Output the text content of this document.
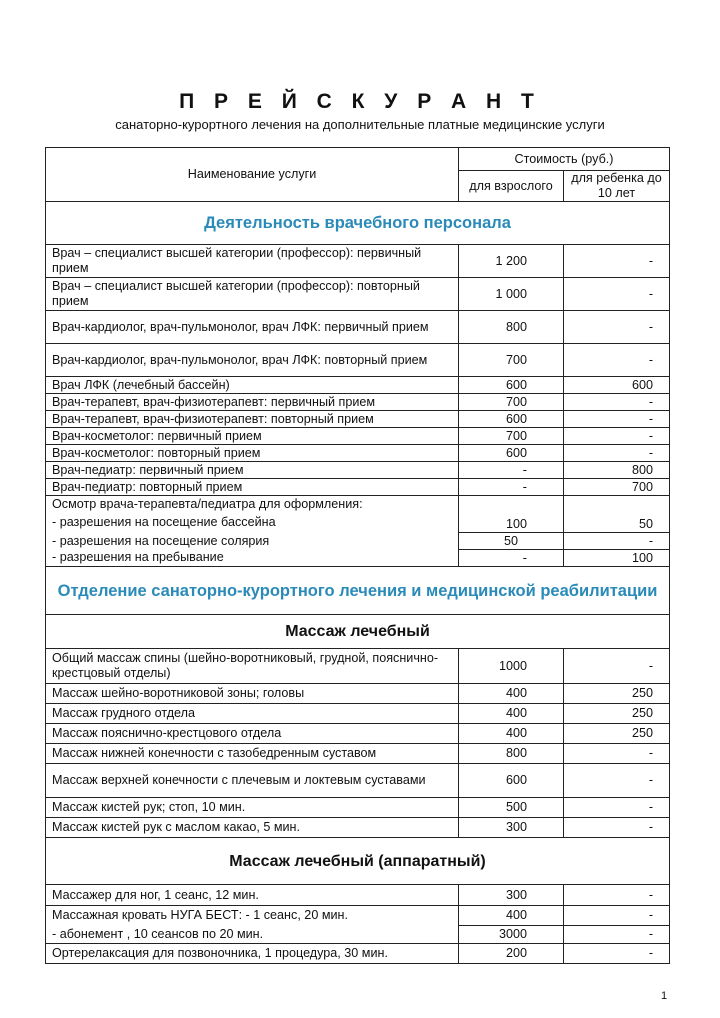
П Р Е Й С К У Р А Н Т
санаторно-курортного лечения на дополнительные платные медицинские услуги
Наименование услуги	Стоимость (руб.)	
	для взрослого	для ребенка до 10 лет
Деятельность врачебного персонала		
Врач – специалист высшей категории (профессор): первичный прием	1 200	-
Врач – специалист высшей категории (профессор): повторный прием	1 000	-
Врач-кардиолог, врач-пульмонолог, врач ЛФК: первичный прием	800	-
Врач-кардиолог, врач-пульмонолог, врач ЛФК: повторный прием	700	-
Врач ЛФК (лечебный бассейн)	600	600
Врач-терапевт, врач-физиотерапевт: первичный прием	700	-
Врач-терапевт, врач-физиотерапевт: повторный прием	600	-
Врач-косметолог: первичный прием	700	-
Врач-косметолог: повторный прием	600	-
Врач-педиатр: первичный прием	-	800
Врач-педиатр: повторный прием	-	700
Осмотр врача-терапевта/педиатра для оформления:		
- разрешения на посещение бассейна	100	50
- разрешения на посещение солярия	50	-
- разрешения на пребывание	-	100
Отделение санаторно-курортного лечения и медицинской реабилитации		
Массаж лечебный		
Общий массаж спины (шейно-воротниковый, грудной, пояснично-крестцовый отделы)	1000	-
Массаж шейно-воротниковой зоны; головы	400	250
Массаж грудного отдела	400	250
Массаж пояснично-крестцового отдела	400	250
Массаж нижней конечности с тазобедренным суставом	800	-
Массаж верхней конечности с плечевым и локтевым суставами	600	-
Массаж кистей рук; стоп, 10 мин.	500	-
Массаж кистей рук с маслом какао, 5 мин.	300	-
Массаж лечебный (аппаратный)		
Массажер для ног, 1 сеанс, 12 мин.	300	-
Массажная кровать НУГА БЕСТ: - 1 сеанс, 20 мин.	400	-
- абонемент , 10 сеансов по 20 мин.	3000	-
Ортерелаксация для позвоночника, 1 процедура, 30 мин.	200	-
1
